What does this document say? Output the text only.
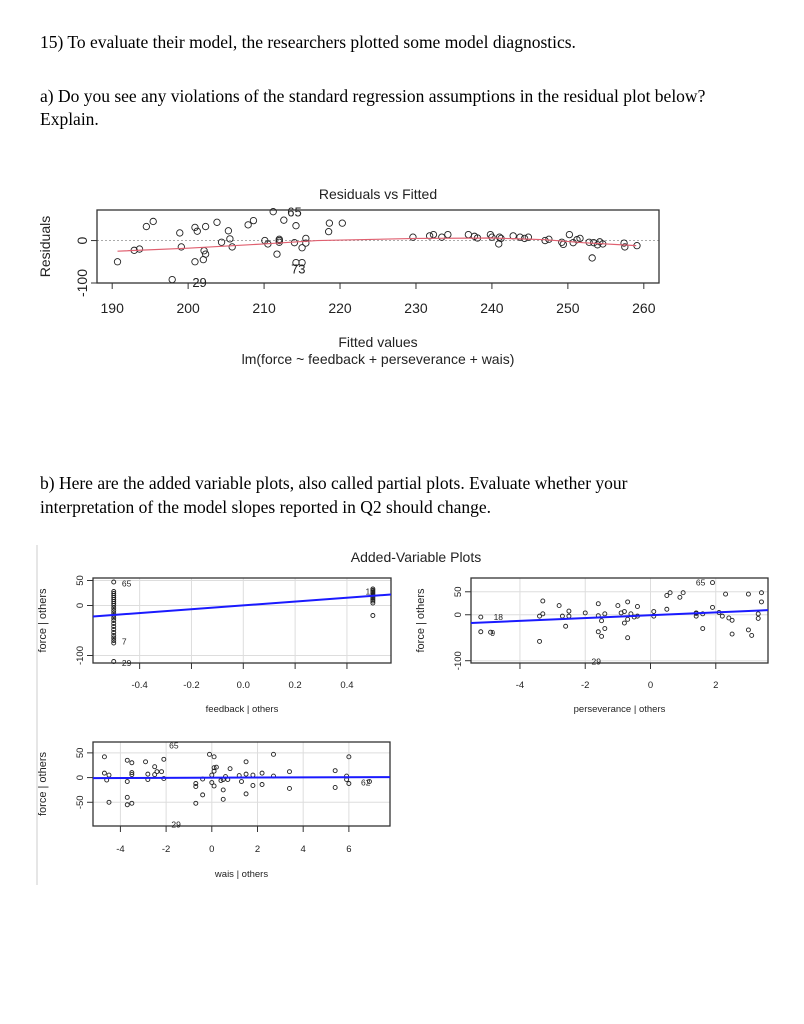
15) To evaluate their model, the researchers plotted some model diagnostics.

a) Do you see any violations of the standard regression assumptions in the residual plot below?

Explain.

b) Here are the added variable plots, also called partial plots. Evaluate whether your

interpretation of the model slopes reported in Q2 should change.

190	200	210	220	230	240	250	260
-100
0
Residuals vs Fitted
Fitted values
lm(force ~ feedback + perseverance + wais)
Residuals
65
73
29
Added-Variable Plots
-0.4	-0.2	0.0	0.2	0.4
-100
0
50
feedback | others
force | others
65
7
29
10
-4	-2	0	2
-100
0
50
perseverance | others
force | others
65
18
9
29
-4	-2	0	2	4	6
-50
0
50
wais | others
force | others
65
29
62
